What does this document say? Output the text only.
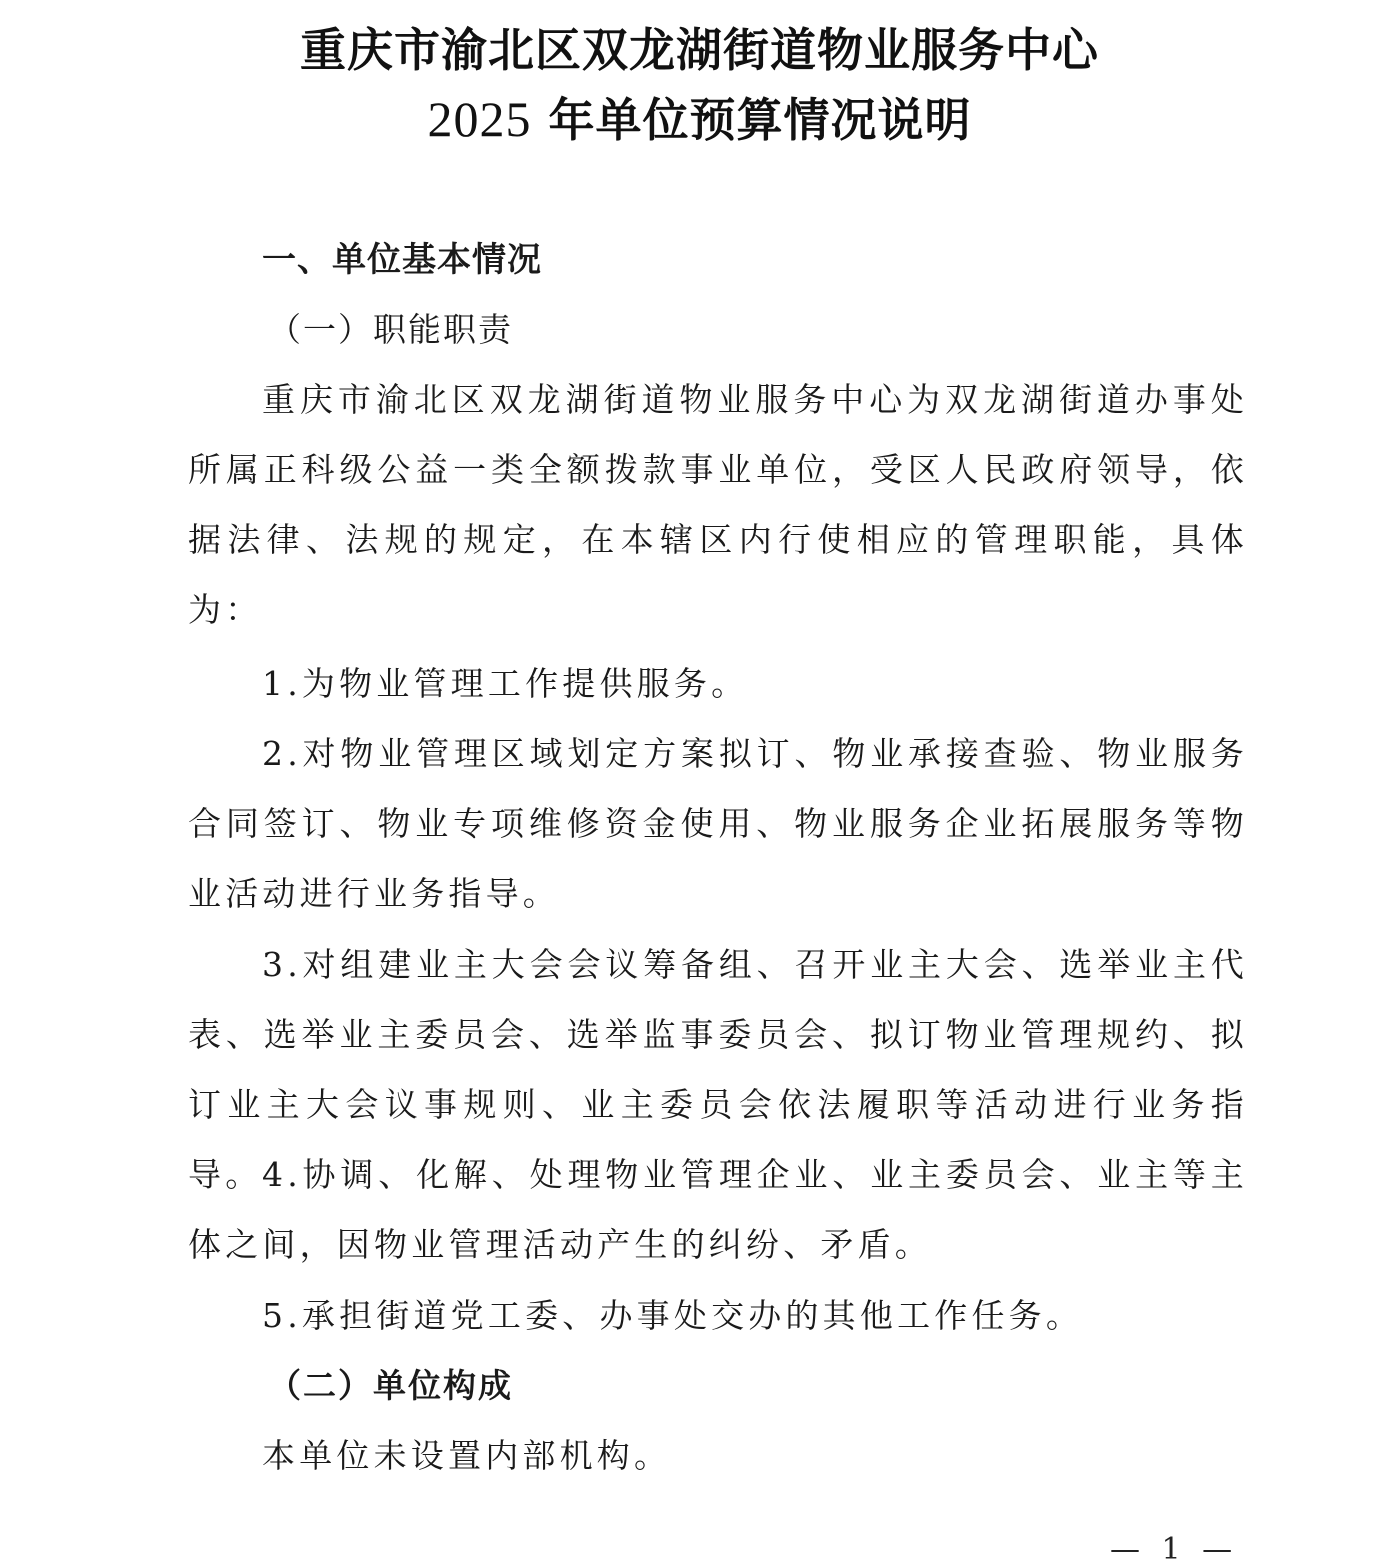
重庆市渝北区双龙湖街道物业服务中心
2025 年单位预算情况说明
一、单位基本情况
（一）职能职责

重庆市渝北区双龙湖街道物业服务中心为双龙湖街道办事处所属正科级公益一类全额拨款事业单位，受区人民政府领导，依据法律、法规的规定，在本辖区内行使相应的管理职能，具体为：

1.为物业管理工作提供服务。

2.对物业管理区域划定方案拟订、物业承接查验、物业服务合同签订、物业专项维修资金使用、物业服务企业拓展服务等物业活动进行业务指导。

3.对组建业主大会会议筹备组、召开业主大会、选举业主代表、选举业主委员会、选举监事委员会、拟订物业管理规约、拟订业主大会议事规则、业主委员会依法履职等活动进行业务指导。 4.协调、化解、处理物业管理企业、业主委员会、业主等主体之间，因物业管理活动产生的纠纷、矛盾。

5.承担街道党工委、办事处交办的其他工作任务。

（二）单位构成

本单位未设置内部机构。

— 1 —
